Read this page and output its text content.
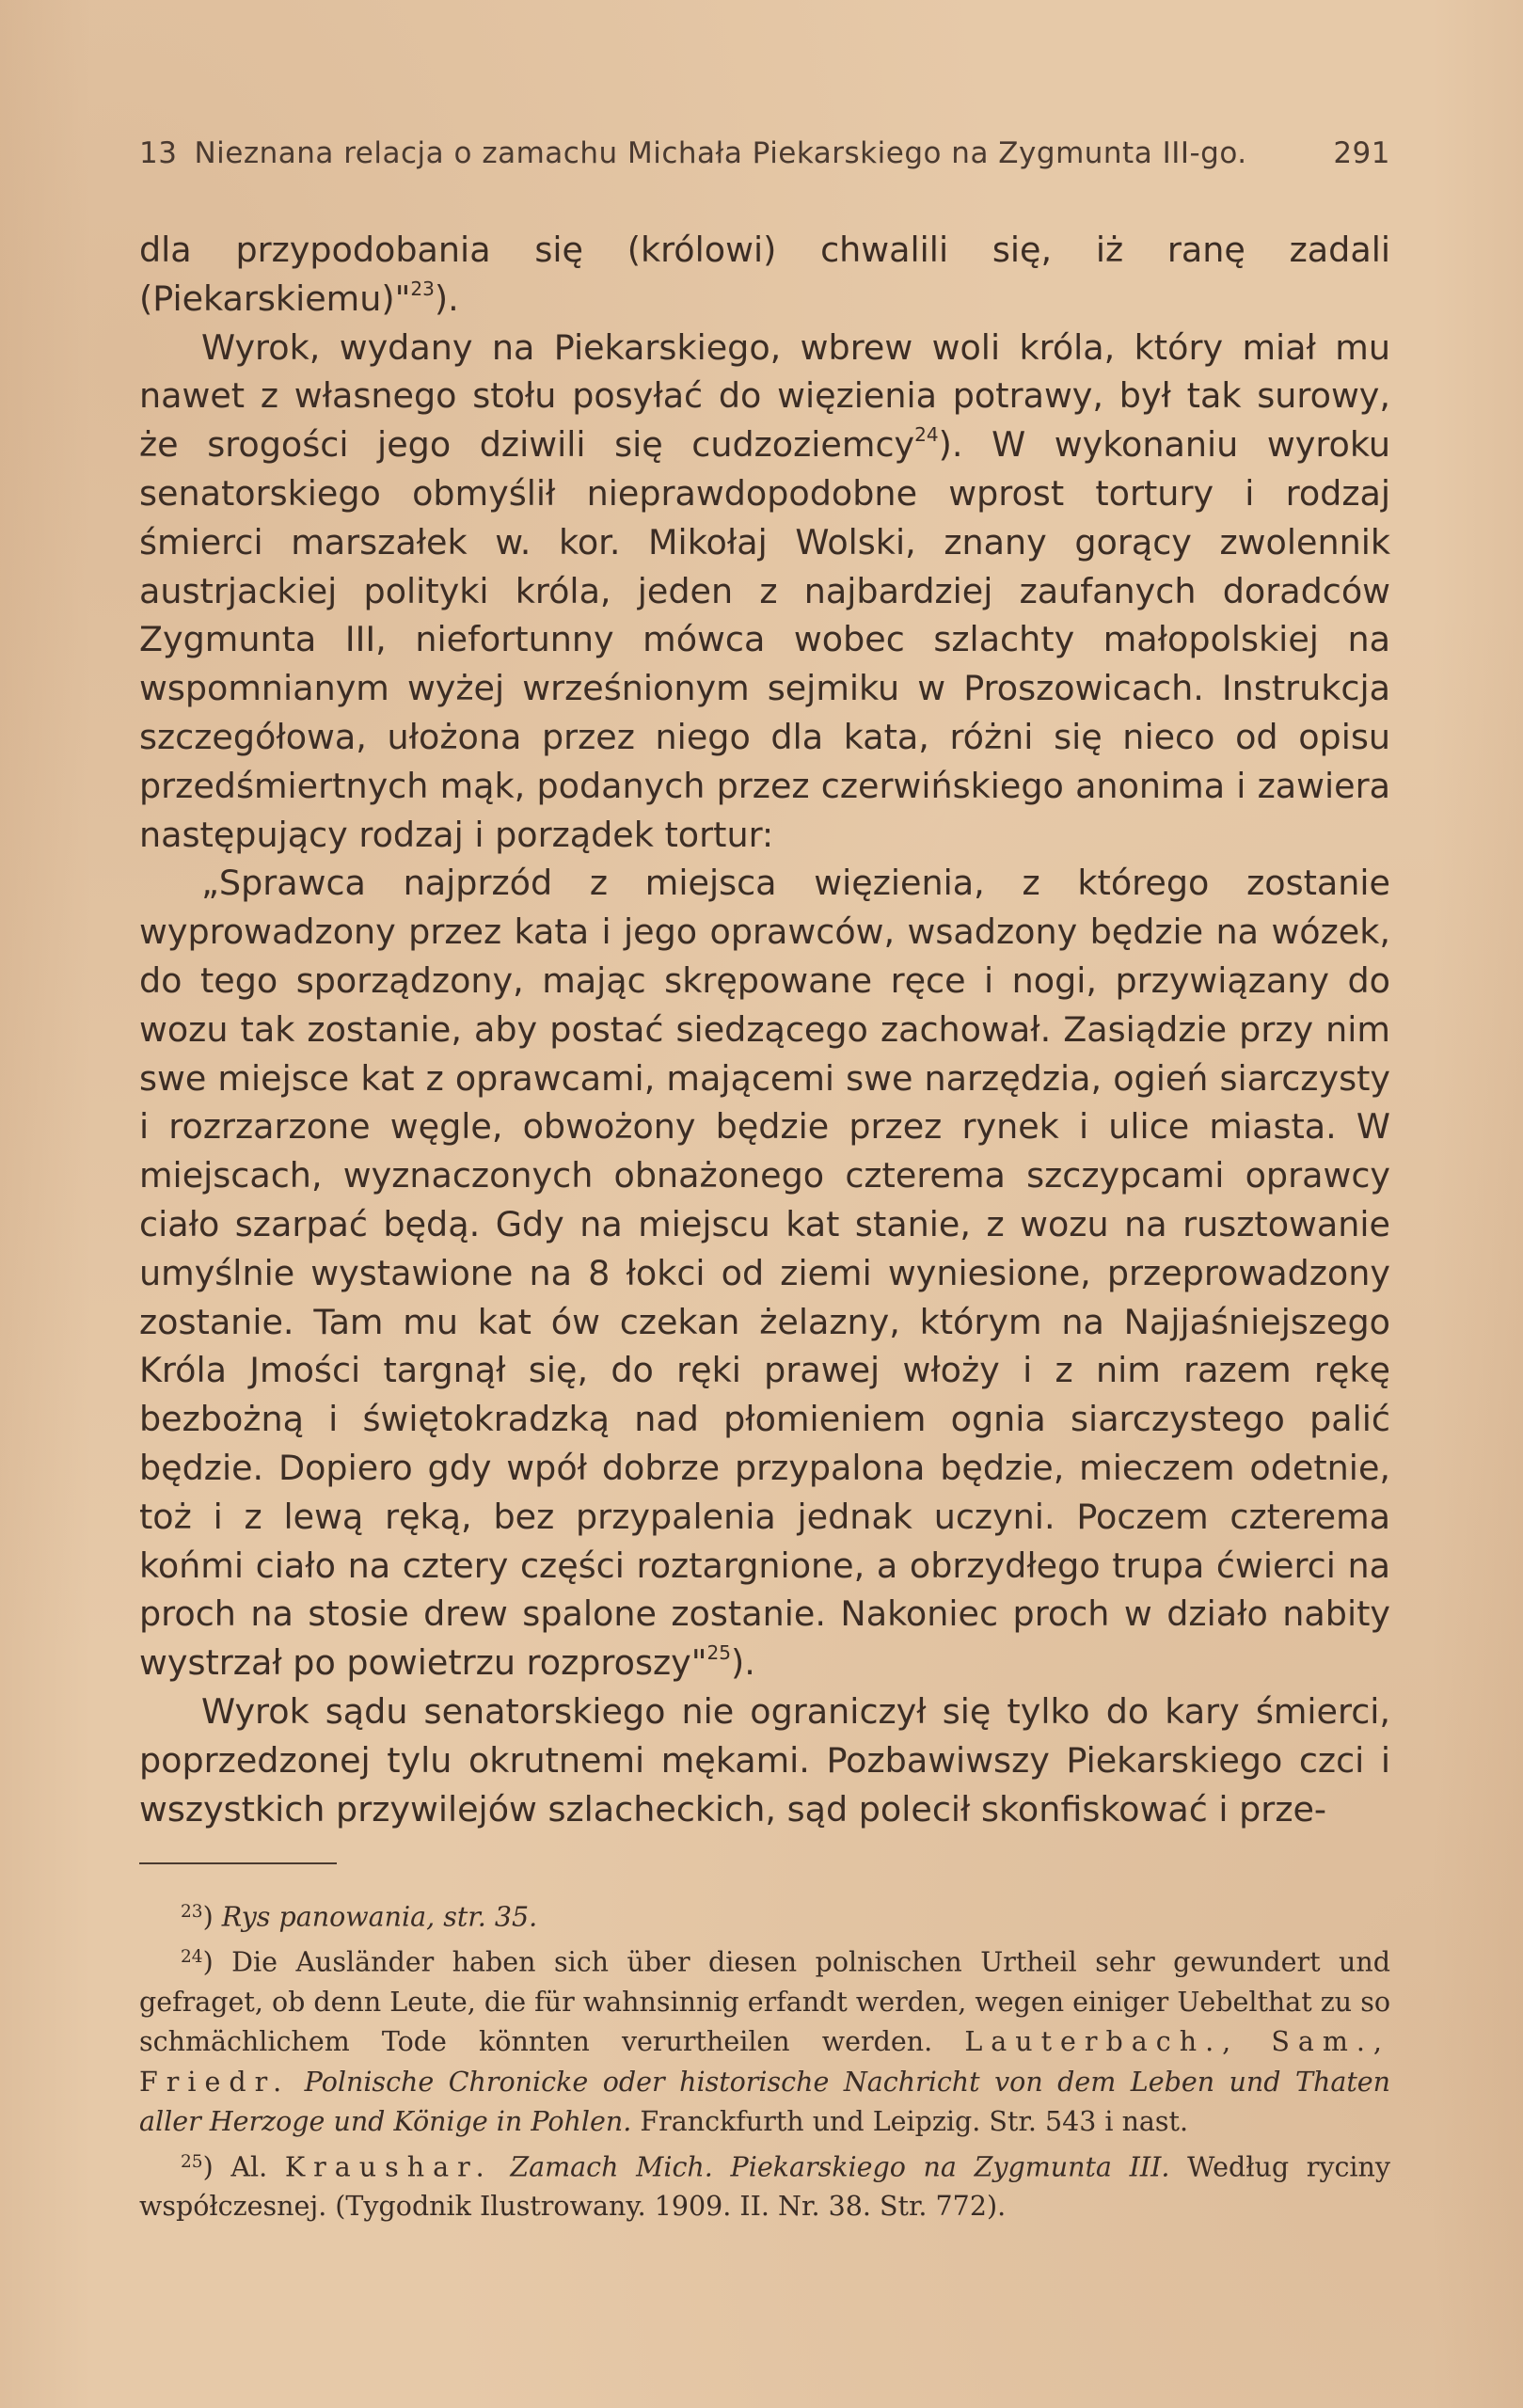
13 Nieznana relacja o zamachu Michała Piekarskiego na Zygmunta III-go.	291

dla przypodobania się (królowi) chwalili się, iż ranę zadali (Piekarskiemu)"$^{23}$).

Wyrok, wydany na Piekarskiego, wbrew woli króla, który miał mu nawet z własnego stołu posyłać do więzienia potrawy, był tak surowy, że srogości jego dziwili się cudzoziemcy$^{24}$). W wykonaniu wyroku senatorskiego obmyślił nieprawdopodobne wprost tortury i rodzaj śmierci marszałek w. kor. Mikołaj Wolski, znany gorący zwolennik austrjackiej polityki króla, jeden z najbardziej zaufanych doradców Zygmunta III, niefortunny mówca wobec szlachty małopolskiej na wspomnianym wyżej wrześnionym sejmiku w Proszowicach. Instrukcja szczegółowa, ułożona przez niego dla kata, różni się nieco od opisu przedśmiertnych mąk, podanych przez czerwińskiego anonima i zawiera następujący rodzaj i porządek tortur:

„Sprawca najprzód z miejsca więzienia, z którego zostanie wyprowadzony przez kata i jego oprawców, wsadzony będzie na wózek, do tego sporządzony, mając skrępowane ręce i nogi, przywiązany do wozu tak zostanie, aby postać siedzącego zachował. Zasiądzie przy nim swe miejsce kat z oprawcami, mającemi swe narzędzia, ogień siarczysty i rozrzarzone węgle, obwożony będzie przez rynek i ulice miasta. W miejscach, wyznaczonych obnażonego czterema szczypcami oprawcy ciało szarpać będą. Gdy na miejscu kat stanie, z wozu na rusztowanie umyślnie wystawione na 8 łokci od ziemi wyniesione, przeprowadzony zostanie. Tam mu kat ów czekan żelazny, którym na Najjaśniejszego Króla Jmości targnął się, do ręki prawej włoży i z nim razem rękę bezbożną i świętokradzką nad płomieniem ognia siarczystego palić będzie. Dopiero gdy wpół dobrze przypalona będzie, mieczem odetnie, toż i z lewą ręką, bez przypalenia jednak uczyni. Poczem czterema końmi ciało na cztery części roztargnione, a obrzydłego trupa ćwierci na proch na stosie drew spalone zostanie. Nakoniec proch w działo nabity wystrzał po powietrzu rozproszy"$^{25}$).

Wyrok sądu senatorskiego nie ograniczył się tylko do kary śmierci, poprzedzonej tylu okrutnemi mękami. Pozbawiwszy Piekarskiego czci i wszystkich przywilejów szlacheckich, sąd polecił skonfiskować i prze-

$^{23}$) Rys panowania, str. 35.

$^{24}$) Die Ausländer haben sich über diesen polnischen Urtheil sehr gewundert und gefraget, ob denn Leute, die für wahnsinnig erfandt werden, wegen einiger Uebelthat zu so schmächlichem Tode könnten verurtheilen werden. Lauterbach., Sam., Friedr. Polnische Chronicke oder historische Nachricht von dem Leben und Thaten aller Herzoge und Könige in Pohlen. Franckfurth und Leipzig. Str. 543 i nast.

$^{25}$) Al. Kraushar. Zamach Mich. Piekarskiego na Zygmunta III. Według ryciny współczesnej. (Tygodnik Ilustrowany. 1909. II. Nr. 38. Str. 772).
